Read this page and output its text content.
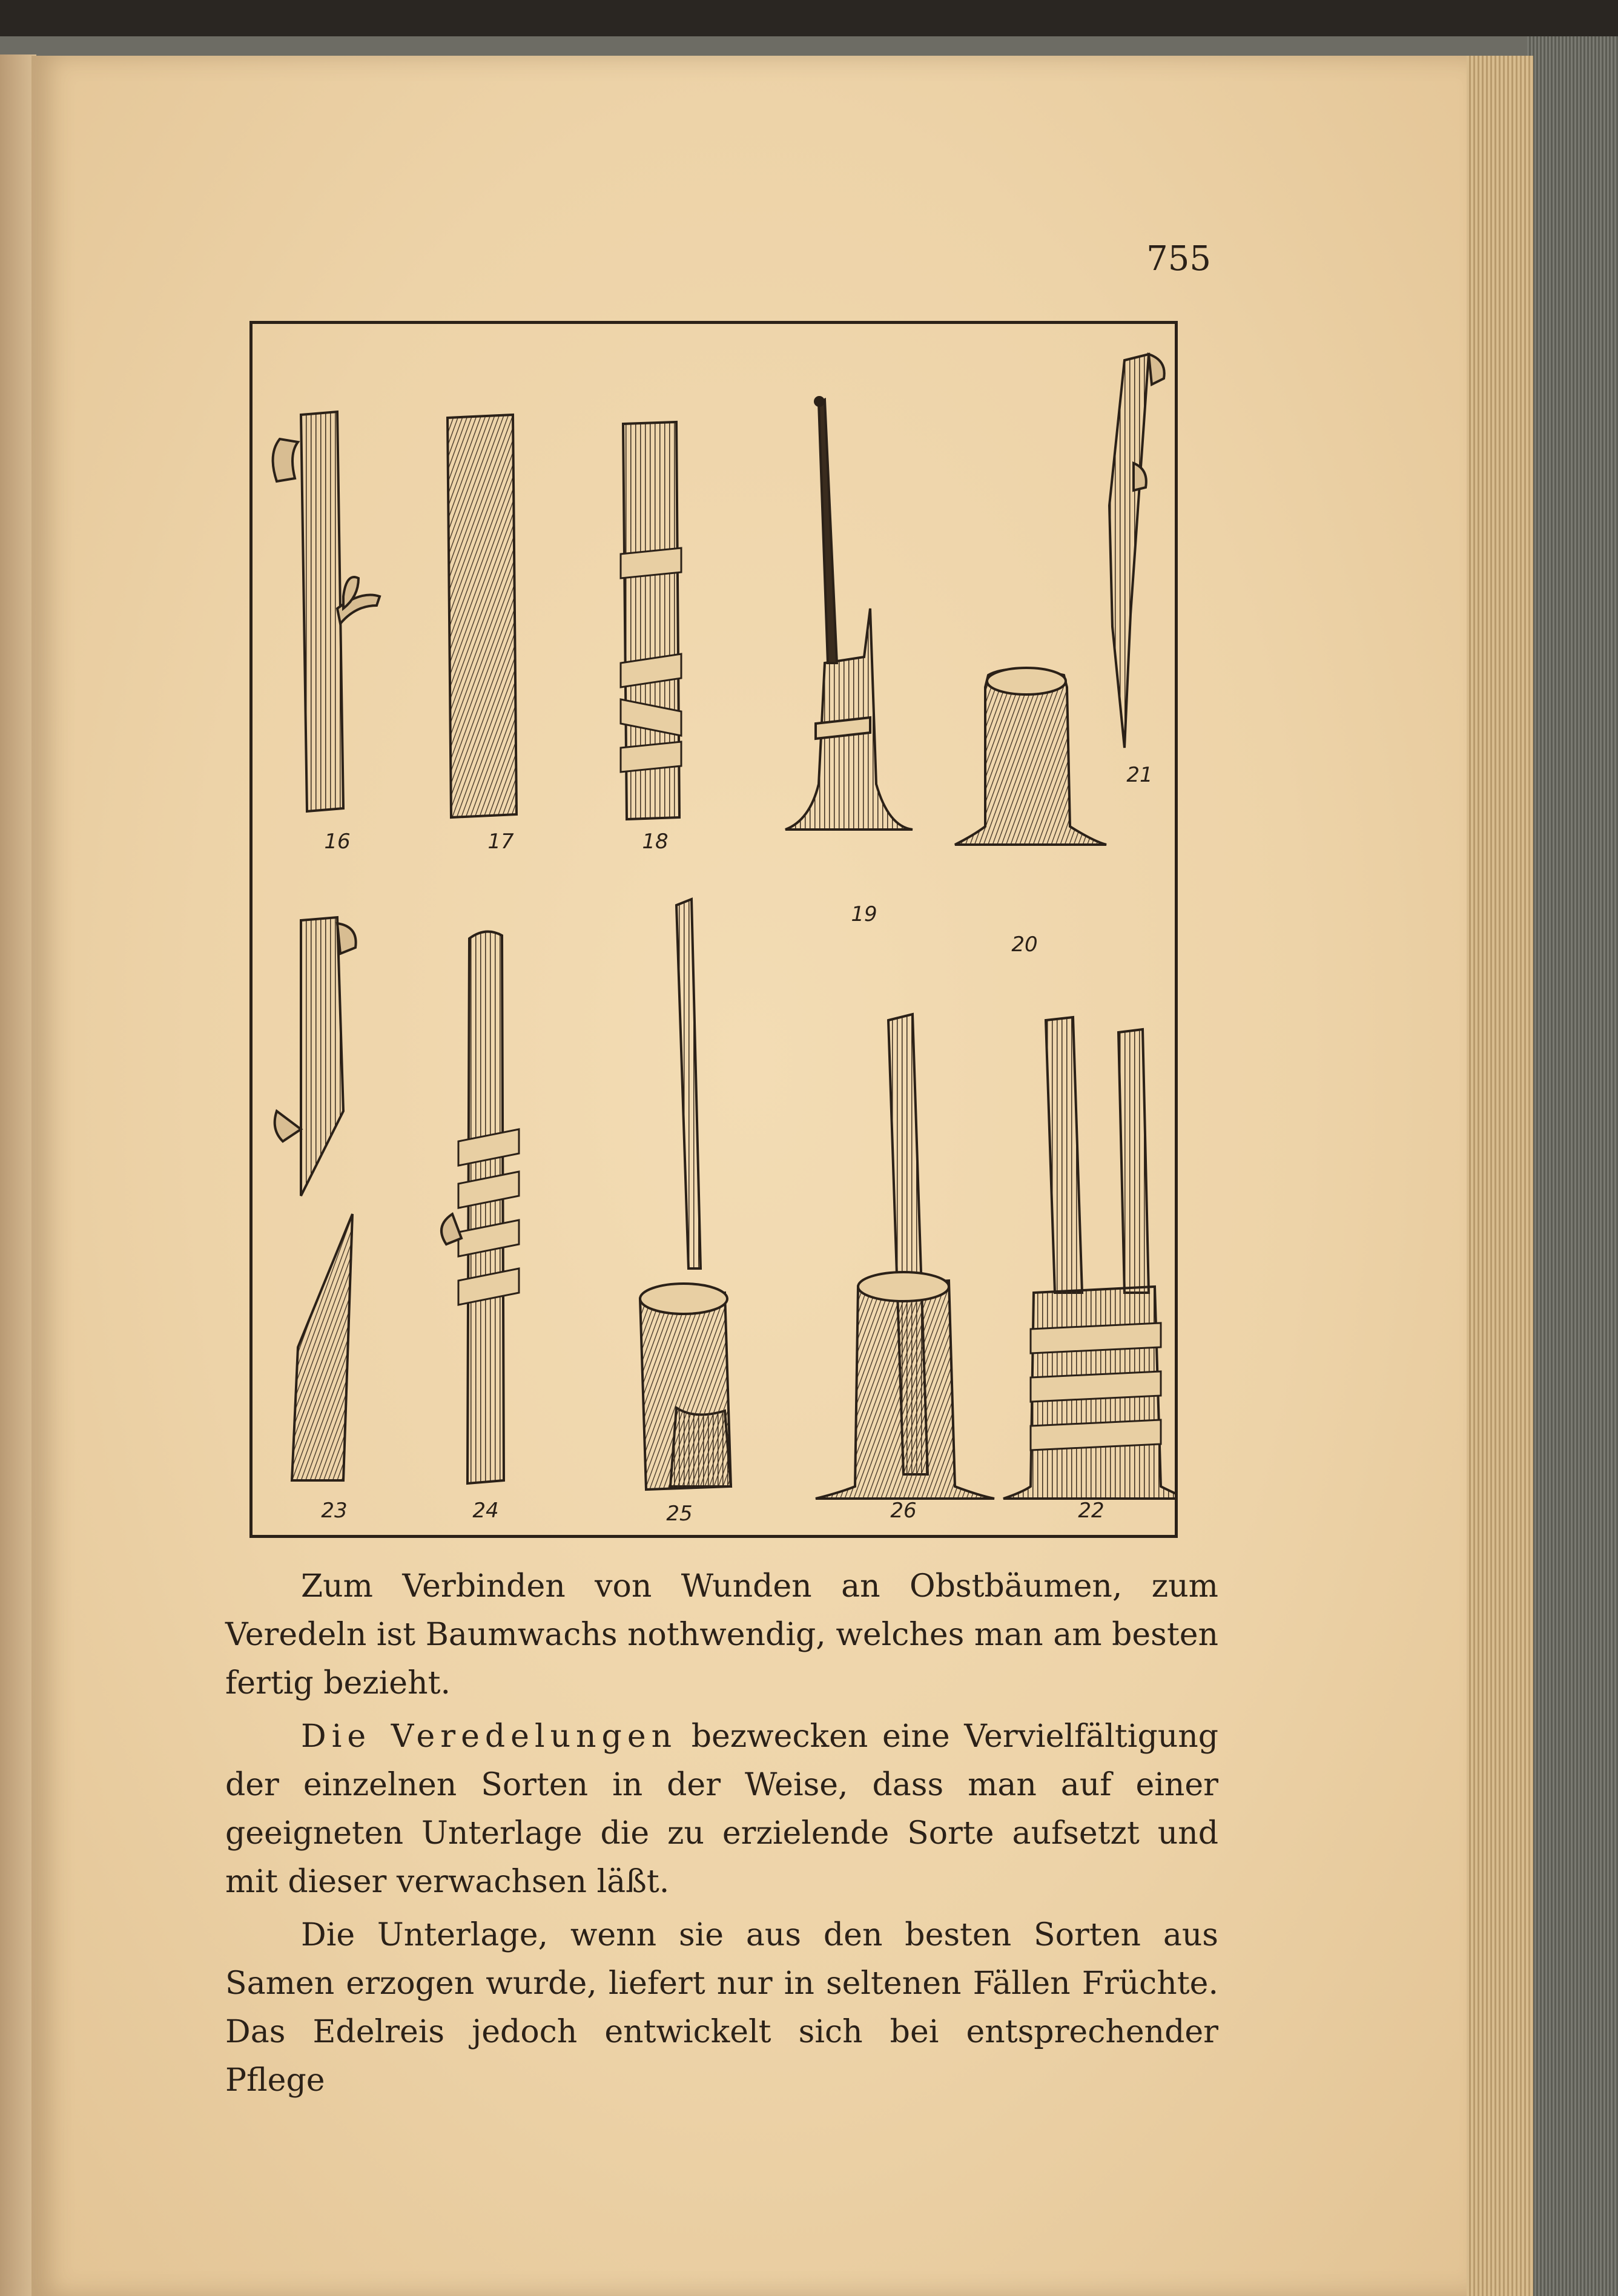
755
16	17	18
19
20
21
23	24	25	26	22

Zum Verbinden von Wunden an Obstbäumen, zum Veredeln ist Baumwachs nothwendig, welches man am besten fertig bezieht.

Die Veredelungen bezwecken eine Vervielfältigung der einzelnen Sorten in der Weise, dass man auf einer geeigneten Unterlage die zu erzielende Sorte aufsetzt und mit dieser verwachsen läßt.

Die Unterlage, wenn sie aus den besten Sorten aus Samen erzogen wurde, liefert nur in seltenen Fällen Früchte. Das Edelreis jedoch entwickelt sich bei entsprechender Pflege
